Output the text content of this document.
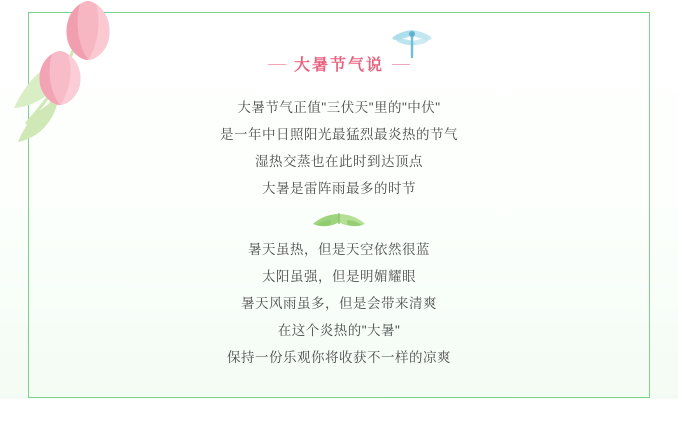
大暑节气说

大暑节气正值"三伏天"里的"中伏"

是一年中日照阳光最猛烈最炎热的节气

湿热交蒸也在此时到达顶点

大暑是雷阵雨最多的时节

暑天虽热，但是天空依然很蓝

太阳虽强，但是明媚耀眼

暑天风雨虽多，但是会带来清爽

在这个炎热的"大暑"

保持一份乐观你将收获不一样的凉爽
